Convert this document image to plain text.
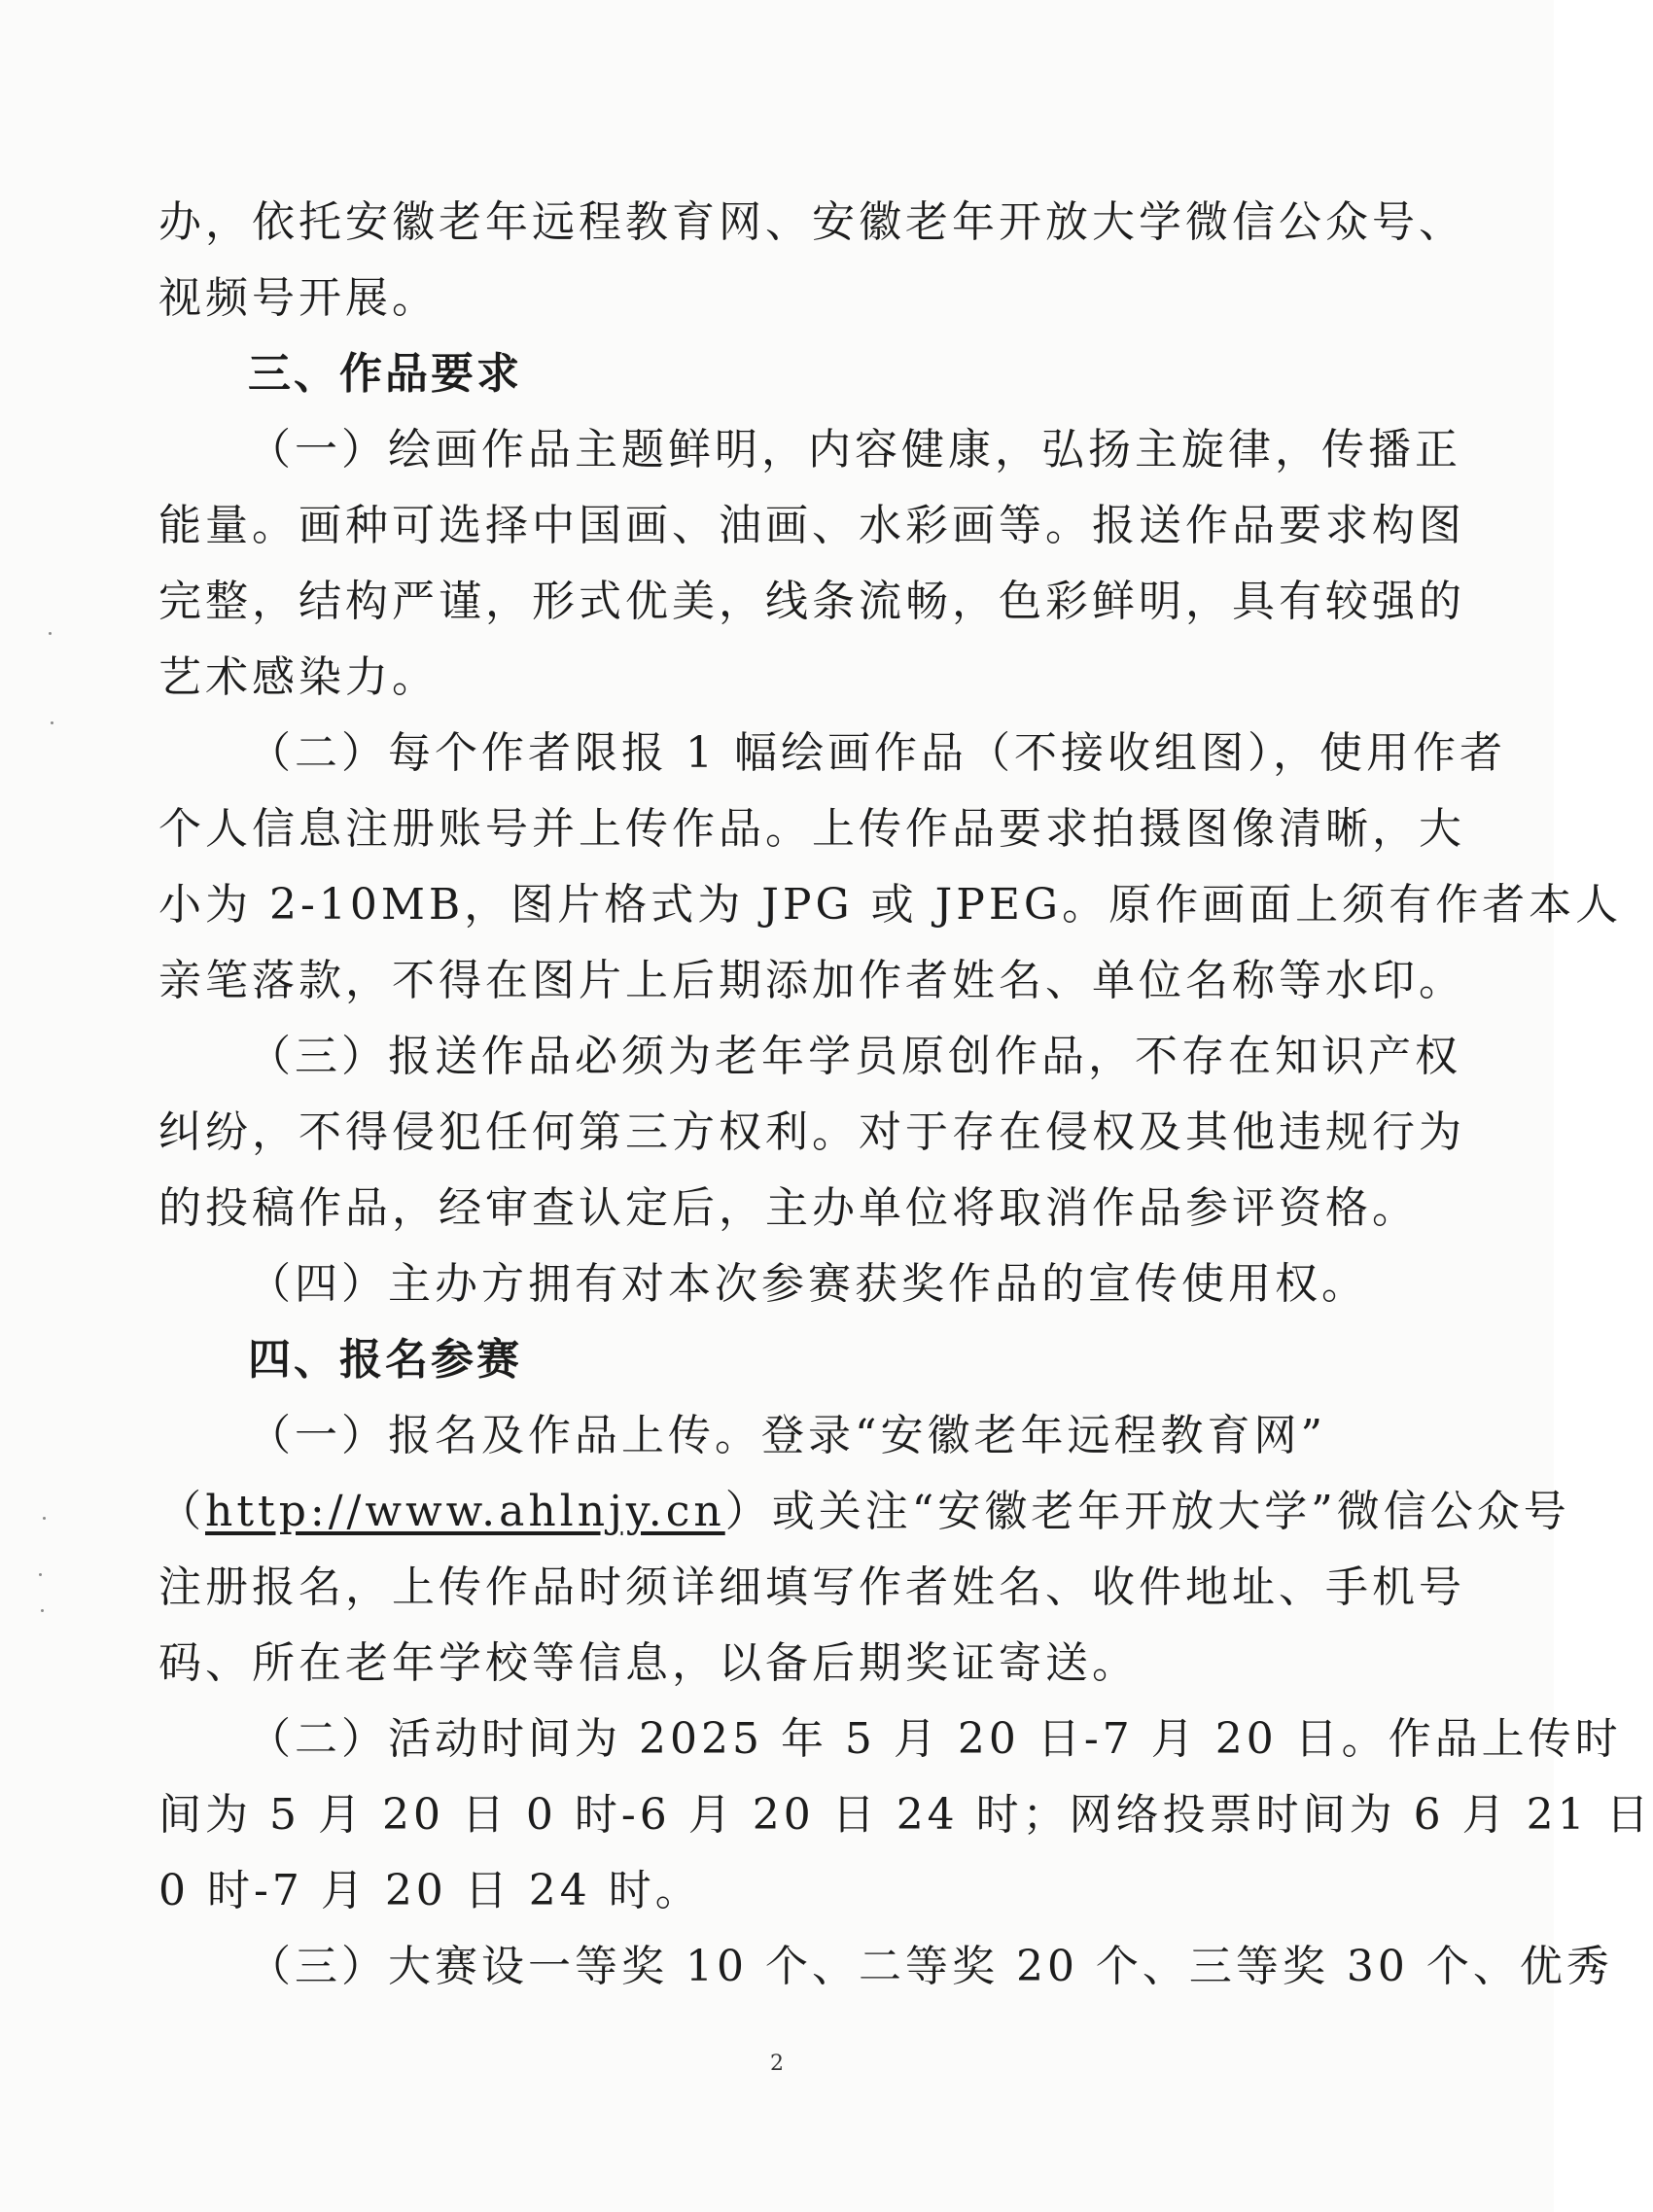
办，依托安徽老年远程教育网、安徽老年开放大学微信公众号、
视频号开展。
三、作品要求
（一）绘画作品主题鲜明，内容健康，弘扬主旋律，传播正
能量。画种可选择中国画、油画、水彩画等。报送作品要求构图
完整，结构严谨，形式优美，线条流畅，色彩鲜明，具有较强的
艺术感染力。
（二）每个作者限报 1 幅绘画作品（不接收组图），使用作者
个人信息注册账号并上传作品。上传作品要求拍摄图像清晰，大
小为 2-10MB，图片格式为 JPG 或 JPEG。原作画面上须有作者本人
亲笔落款，不得在图片上后期添加作者姓名、单位名称等水印。
（三）报送作品必须为老年学员原创作品，不存在知识产权
纠纷，不得侵犯任何第三方权利。对于存在侵权及其他违规行为
的投稿作品，经审查认定后，主办单位将取消作品参评资格。
（四）主办方拥有对本次参赛获奖作品的宣传使用权。
四、报名参赛
（一）报名及作品上传。登录“安徽老年远程教育网”
（http://www.ahlnjy.cn）或关注“安徽老年开放大学”微信公众号
注册报名，上传作品时须详细填写作者姓名、收件地址、手机号
码、所在老年学校等信息，以备后期奖证寄送。
（二）活动时间为 2025 年 5 月 20 日-7 月 20 日。作品上传时
间为 5 月 20 日 0 时-6 月 20 日 24 时；网络投票时间为 6 月 21 日
0 时-7 月 20 日 24 时。
（三）大赛设一等奖 10 个、二等奖 20 个、三等奖 30 个、优秀
2
